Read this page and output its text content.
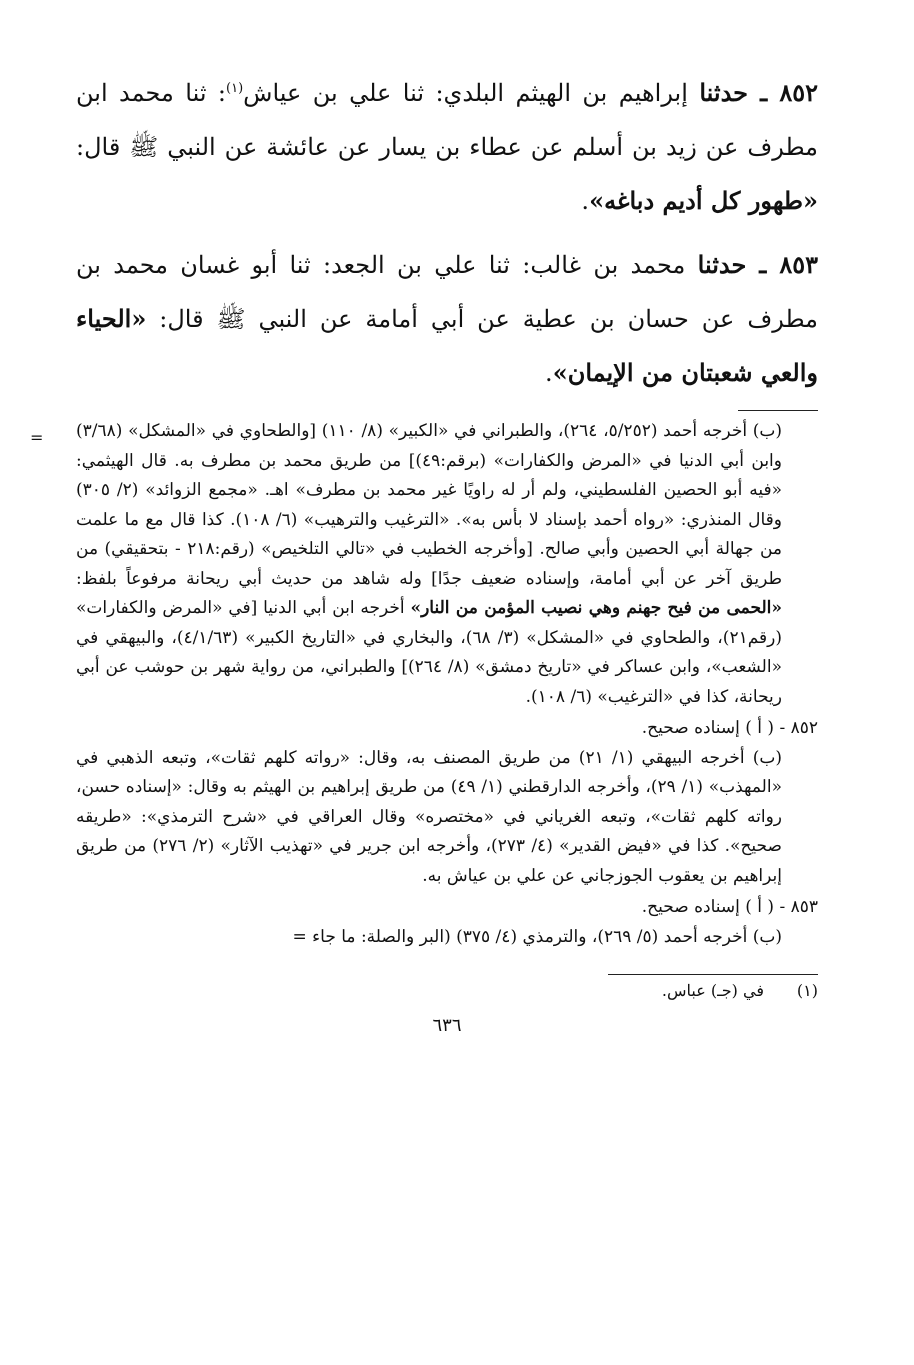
٨٥٢ ـ حدثنا إبراهيم بن الهيثم البلدي: ثنا علي بن عياش$^{(١)}$: ثنا محمد ابن مطرف عن زيد بن أسلم عن عطاء بن يسار عن عائشة عن النبي ﷺ قال: «طهور كل أديم دباغه».

٨٥٣ ـ حدثنا محمد بن غالب: ثنا علي بن الجعد: ثنا أبو غسان محمد بن مطرف عن حسان بن عطية عن أبي أمامة عن النبي ﷺ قال: «الحياء والعي شعبتان من الإيمان».

= (ب) أخرجه أحمد (٥/٢٥٢، ٢٦٤)، والطبراني في «الكبير» (٨/ ١١٠) [والطحاوي في «المشكل» (٣/٦٨) وابن أبي الدنيا في «المرض والكفارات» (برقم:٤٩)] من طريق محمد بن مطرف به. قال الهيثمي: «فيه أبو الحصين الفلسطيني، ولم أر له راويًا غير محمد بن مطرف» اهـ. «مجمع الزوائد» (٢/ ٣٠٥) وقال المنذري: «رواه أحمد بإسناد لا بأس به». «الترغيب والترهيب» (٦/ ١٠٨). كذا قال مع ما علمت من جهالة أبي الحصين وأبي صالح. [وأخرجه الخطيب في «تالي التلخيص» (رقم:٢١٨ - بتحقيقي) من طريق آخر عن أبي أمامة، وإسناده ضعيف جدًا] وله شاهد من حديث أبي ريحانة مرفوعاً بلفظ: «الحمى من فيح جهنم وهي نصيب المؤمن من النار» أخرجه ابن أبي الدنيا [في «المرض والكفارات» (رقم٢١)، والطحاوي في «المشكل» (٣/ ٦٨)، والبخاري في «التاريخ الكبير» (٤/١/٦٣)، والبيهقي في «الشعب»، وابن عساكر في «تاريخ دمشق» (٨/ ٢٦٤)] والطبراني، من رواية شهر بن حوشب عن أبي ريحانة، كذا في «الترغيب» (٦/ ١٠٨).

٨٥٢ - ( أ ) إسناده صحيح.

(ب) أخرجه البيهقي (١/ ٢١) من طريق المصنف به، وقال: «رواته كلهم ثقات»، وتبعه الذهبي في «المهذب» (١/ ٢٩)، وأخرجه الدارقطني (١/ ٤٩) من طريق إبراهيم بن الهيثم به وقال: «إسناده حسن، رواته كلهم ثقات»، وتبعه الغرياني في «مختصره» وقال العراقي في «شرح الترمذي»: «طريقه صحيح». كذا في «فيض القدير» (٤/ ٢٧٣)، وأخرجه ابن جرير في «تهذيب الآثار» (٢/ ٢٧٦) من طريق إبراهيم بن يعقوب الجوزجاني عن علي بن عياش به.

٨٥٣ - ( أ ) إسناده صحيح.

(ب) أخرجه أحمد (٥/ ٢٦٩)، والترمذي (٤/ ٣٧٥) (البر والصلة: ما جاء =

(١)في (جـ) عباس.

٦٣٦
